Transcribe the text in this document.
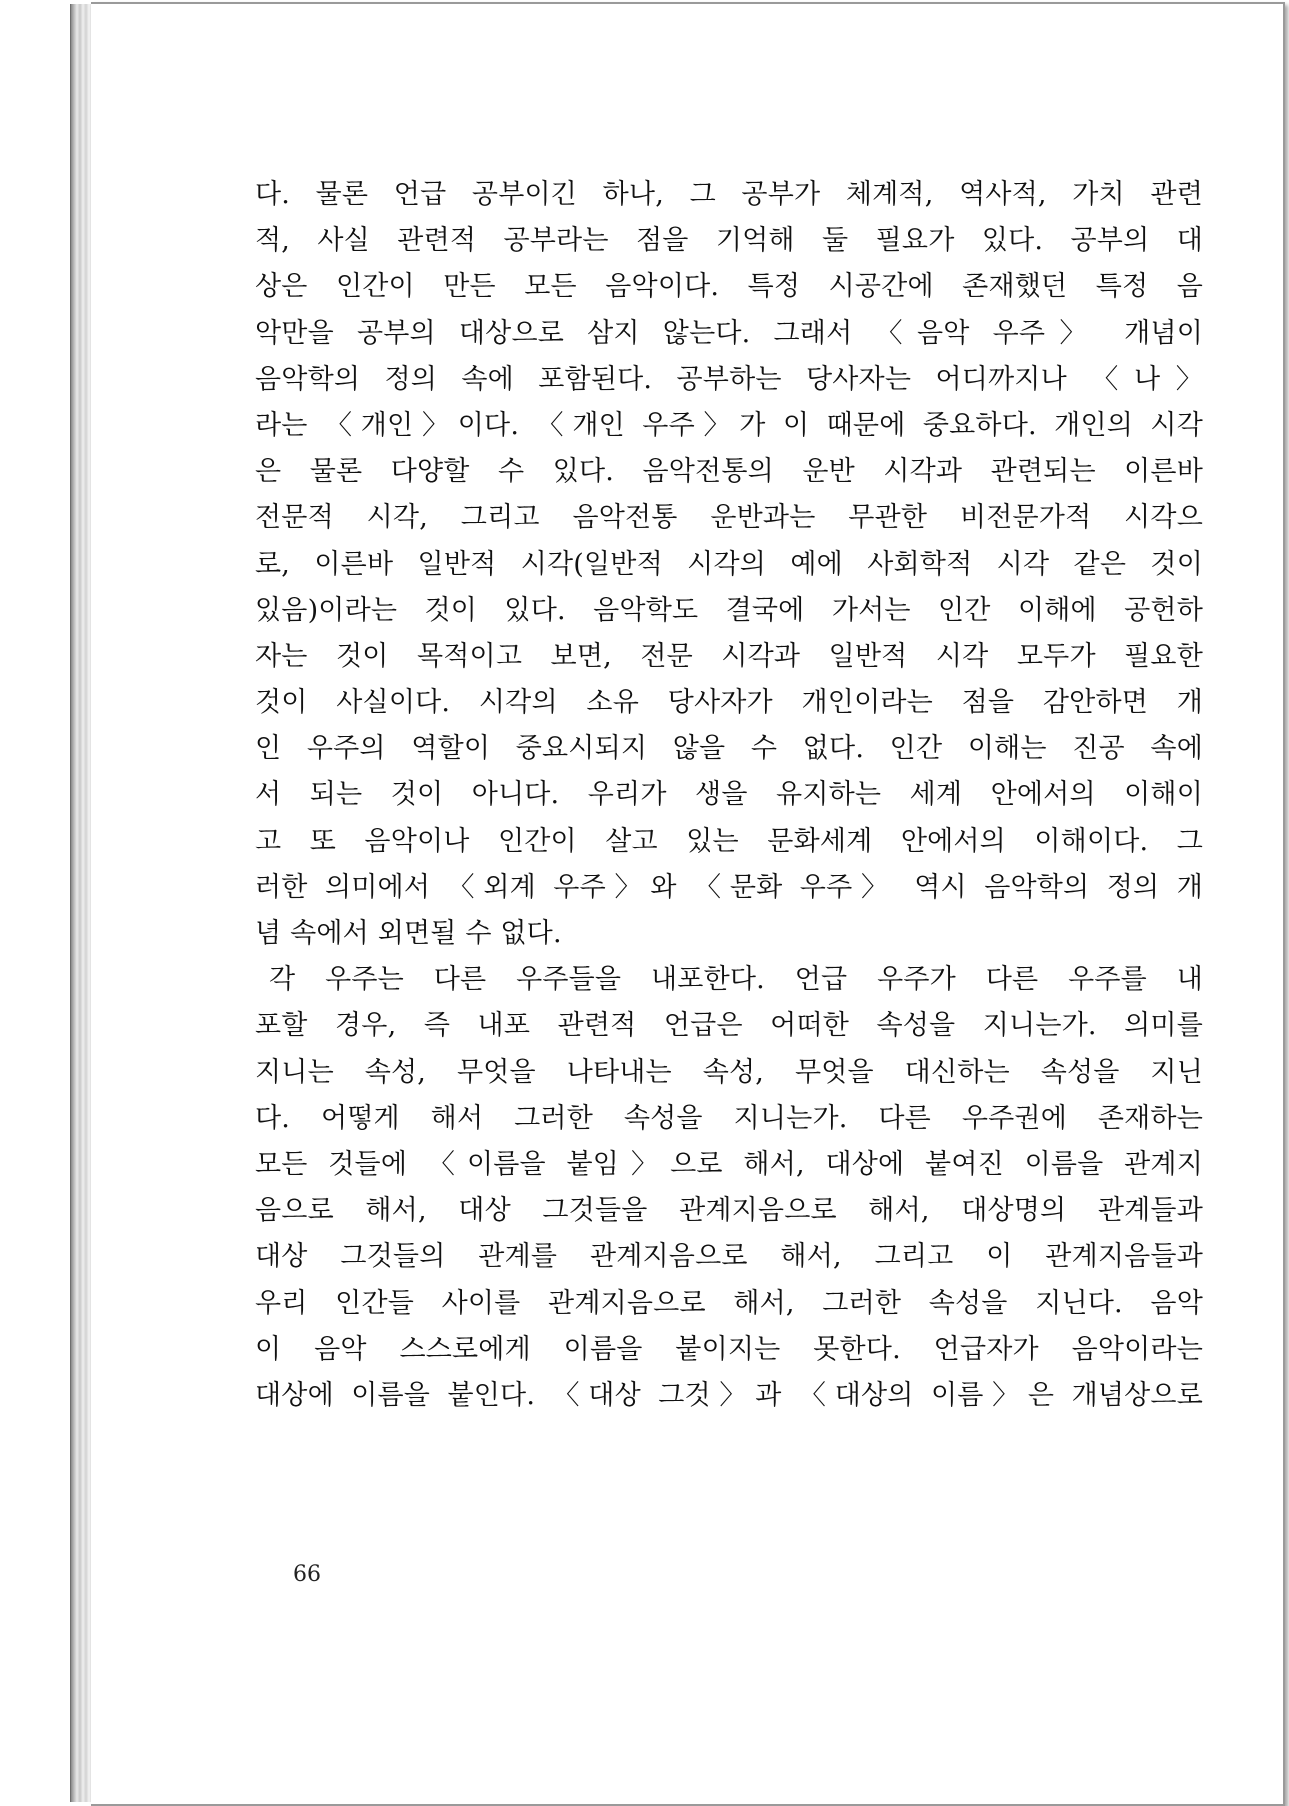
다. 물론 언급 공부이긴 하나, 그 공부가 체계적, 역사적, 가치 관련
적, 사실 관련적 공부라는 점을 기억해 둘 필요가 있다. 공부의 대
상은 인간이 만든 모든 음악이다. 특정 시공간에 존재했던 특정 음
악만을 공부의 대상으로 삼지 않는다. 그래서 〈음악 우주〉 개념이
음악학의 정의 속에 포함된다. 공부하는 당사자는 어디까지나 〈나〉
라는 〈개인〉이다. 〈개인 우주〉가 이 때문에 중요하다. 개인의 시각
은 물론 다양할 수 있다. 음악전통의 운반 시각과 관련되는 이른바
전문적 시각, 그리고 음악전통 운반과는 무관한 비전문가적 시각으
로, 이른바 일반적 시각(일반적 시각의 예에 사회학적 시각 같은 것이
있음)이라는 것이 있다. 음악학도 결국에 가서는 인간 이해에 공헌하
자는 것이 목적이고 보면, 전문 시각과 일반적 시각 모두가 필요한
것이 사실이다. 시각의 소유 당사자가 개인이라는 점을 감안하면 개
인 우주의 역할이 중요시되지 않을 수 없다. 인간 이해는 진공 속에
서 되는 것이 아니다. 우리가 생을 유지하는 세계 안에서의 이해이
고 또 음악이나 인간이 살고 있는 문화세계 안에서의 이해이다. 그
러한 의미에서 〈외계 우주〉와 〈문화 우주〉 역시 음악학의 정의 개
념 속에서 외면될 수 없다.
각 우주는 다른 우주들을 내포한다. 언급 우주가 다른 우주를 내
포할 경우, 즉 내포 관련적 언급은 어떠한 속성을 지니는가. 의미를
지니는 속성, 무엇을 나타내는 속성, 무엇을 대신하는 속성을 지닌
다. 어떻게 해서 그러한 속성을 지니는가. 다른 우주권에 존재하는
모든 것들에 〈이름을 붙임〉으로 해서, 대상에 붙여진 이름을 관계지
음으로 해서, 대상 그것들을 관계지음으로 해서, 대상명의 관계들과
대상 그것들의 관계를 관계지음으로 해서, 그리고 이 관계지음들과
우리 인간들 사이를 관계지음으로 해서, 그러한 속성을 지닌다. 음악
이 음악 스스로에게 이름을 붙이지는 못한다. 언급자가 음악이라는
대상에 이름을 붙인다. 〈대상 그것〉과 〈대상의 이름〉은 개념상으로
66
